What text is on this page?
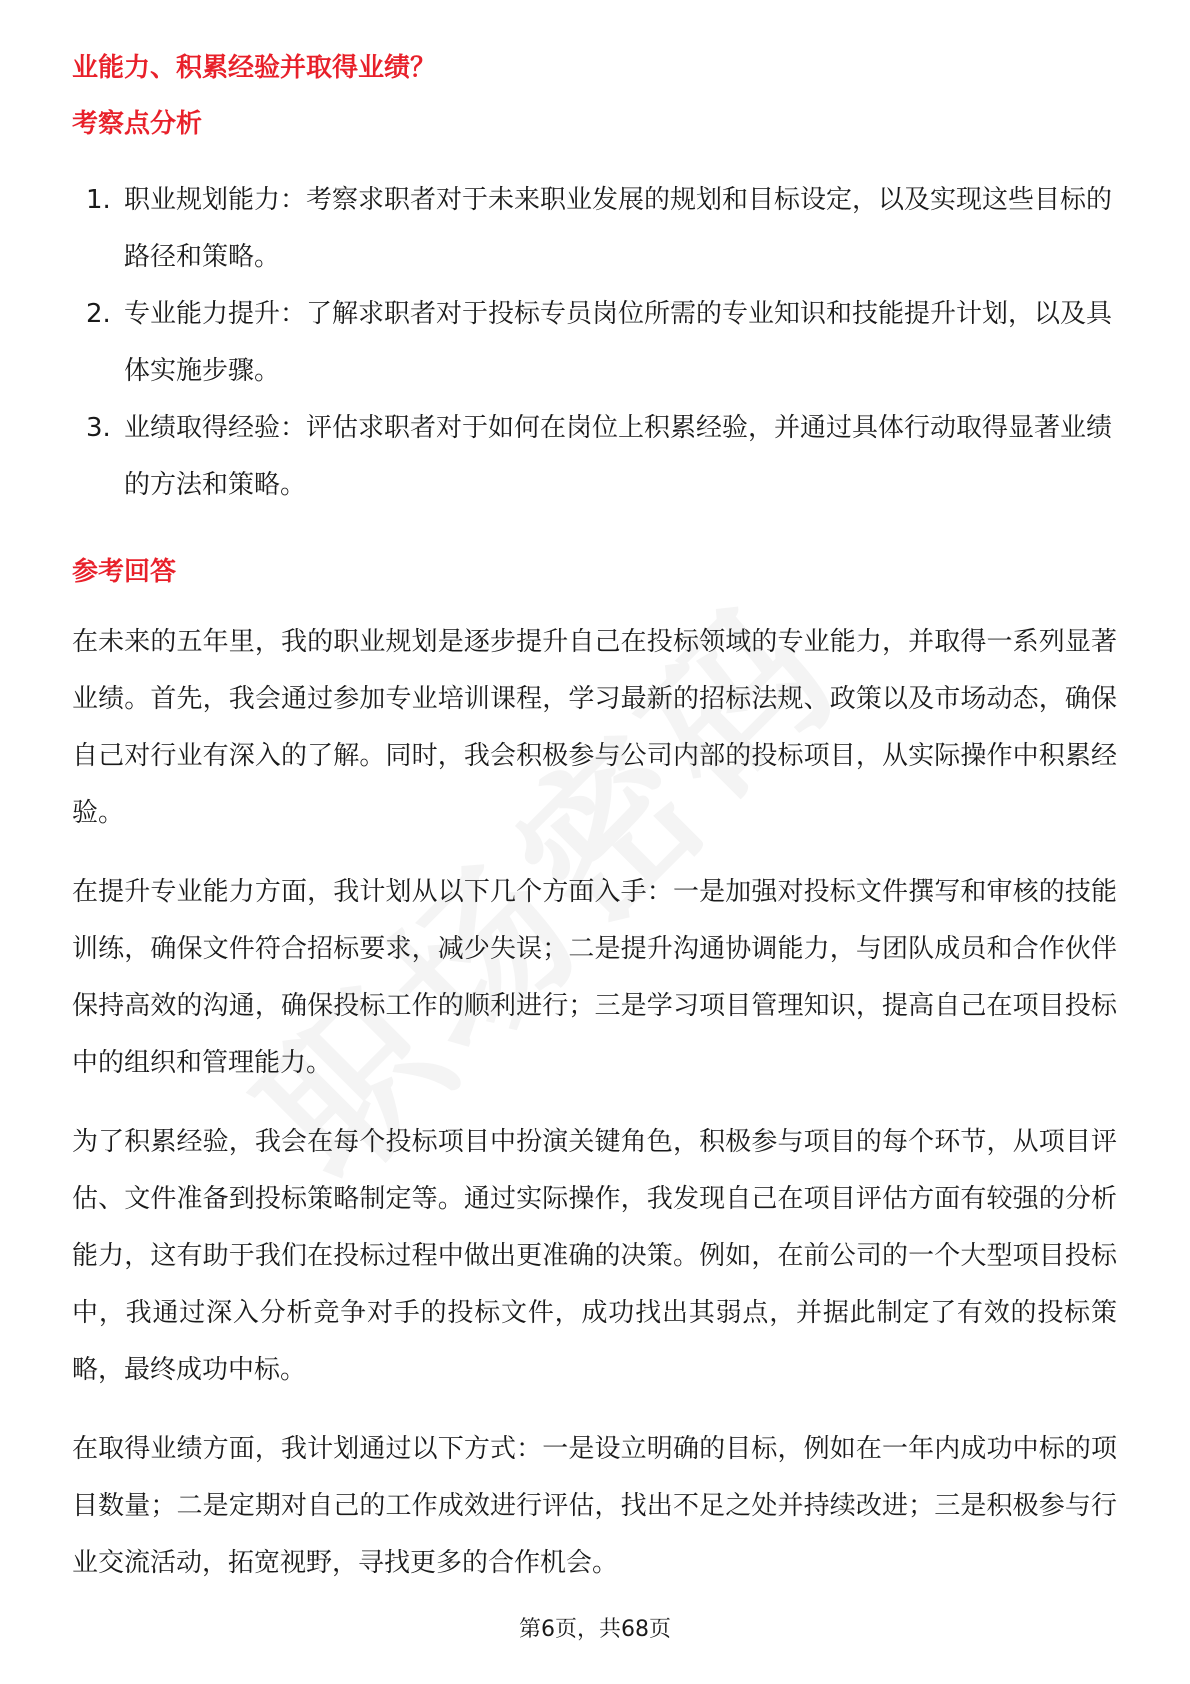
业能力、积累经验并取得业绩？

考察点分析

1. 职业规划能力：考察求职者对于未来职业发展的规划和目标设定，以及实现这些目标的路径和策略。
2. 专业能力提升：了解求职者对于投标专员岗位所需的专业知识和技能提升计划，以及具体实施步骤。
3. 业绩取得经验：评估求职者对于如何在岗位上积累经验，并通过具体行动取得显著业绩的方法和策略。

参考回答

在未来的五年里，我的职业规划是逐步提升自己在投标领域的专业能力，并取得一系列显著业绩。首先，我会通过参加专业培训课程，学习最新的招标法规、政策以及市场动态，确保自己对行业有深入的了解。同时，我会积极参与公司内部的投标项目，从实际操作中积累经验。

在提升专业能力方面，我计划从以下几个方面入手：一是加强对投标文件撰写和审核的技能训练，确保文件符合招标要求，减少失误；二是提升沟通协调能力，与团队成员和合作伙伴保持高效的沟通，确保投标工作的顺利进行；三是学习项目管理知识，提高自己在项目投标中的组织和管理能力。

为了积累经验，我会在每个投标项目中扮演关键角色，积极参与项目的每个环节，从项目评估、文件准备到投标策略制定等。通过实际操作，我发现自己在项目评估方面有较强的分析能力，这有助于我们在投标过程中做出更准确的决策。例如，在前公司的一个大型项目投标中，我通过深入分析竞争对手的投标文件，成功找出其弱点，并据此制定了有效的投标策略，最终成功中标。

在取得业绩方面，我计划通过以下方式：一是设立明确的目标，例如在一年内成功中标的项目数量；二是定期对自己的工作成效进行评估，找出不足之处并持续改进；三是积极参与行业交流活动，拓宽视野，寻找更多的合作机会。

第6页，共68页
